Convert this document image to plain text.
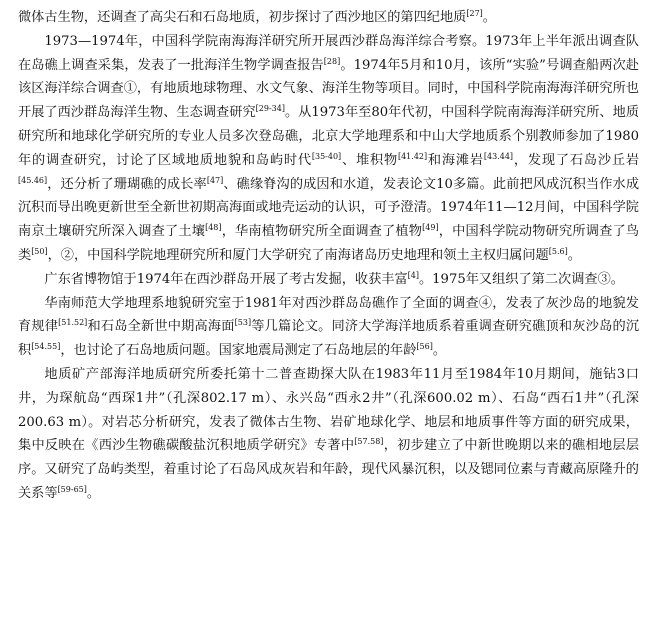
微体古生物，还调查了高尖石和石岛地质，初步探讨了西沙地区的第四纪地质[27]。

1973—1974年，中国科学院南海海洋研究所开展西沙群岛海洋综合考察。1973年上半年派出调查队在岛礁上调查采集，发表了一批海洋生物学调查报告[28]。1974年5月和10月，该所“实验”号调查船两次赴该区海洋综合调查①，有地质地球物理、水文气象、海洋生物等项目。同时，中国科学院南海海洋研究所也开展了西沙群岛海洋生物、生态调查研究[29-34]。从1973年至80年代初，中国科学院南海海洋研究所、地质研究所和地球化学研究所的专业人员多次登岛礁，北京大学地理系和中山大学地质系个别教师参加了1980年的调查研究，讨论了区域地质地貌和岛屿时代[35-40]、堆积物[41.42]和海滩岩[43.44]，发现了石岛沙丘岩[45.46]，还分析了珊瑚礁的成长率[47]、礁缘脊沟的成因和水道，发表论文10多篇。此前把风成沉积当作水成沉积而导出晚更新世至全新世初期高海面或地壳运动的认识，可予澄清。1974年11—12月间，中国科学院南京土壤研究所深入调查了土壤[48]，华南植物研究所全面调查了植物[49]，中国科学院动物研究所调查了鸟类[50]，②，中国科学院地理研究所和厦门大学研究了南海诸岛历史地理和领土主权归属问题[5.6]。

广东省博物馆于1974年在西沙群岛开展了考古发掘，收获丰富[4]。1975年又组织了第二次调查③。

华南师范大学地理系地貌研究室于1981年对西沙群岛岛礁作了全面的调查④，发表了灰沙岛的地貌发育规律[51.52]和石岛全新世中期高海面[53]等几篇论文。同济大学海洋地质系着重调查研究礁顶和灰沙岛的沉积[54.55]，也讨论了石岛地质问题。国家地震局测定了石岛地层的年龄[56]。

地质矿产部海洋地质研究所委托第十二普查勘探大队在1983年11月至1984年10月期间，施钻3口井，为琛航岛“西琛1井”（孔深802.17 m）、永兴岛“西永2井”（孔深600.02 m）、石岛“西石1井”（孔深200.63 m）。对岩芯分析研究，发表了微体古生物、岩矿地球化学、地层和地质事件等方面的研究成果，集中反映在《西沙生物礁碳酸盐沉积地质学研究》专著中[57.58]，初步建立了中新世晚期以来的礁相地层层序。又研究了岛屿类型，着重讨论了石岛风成灰岩和年龄，现代风暴沉积，以及锶同位素与青藏高原隆升的关系等[59-65]。
